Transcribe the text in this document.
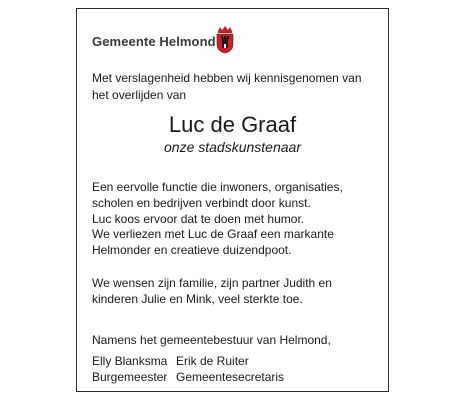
Gemeente Helmond
Met verslagenheid hebben wij kennisgenomen van
het overlijden van
Luc de Graaf
onze stadskunstenaar
Een eervolle functie die inwoners, organisaties,
scholen en bedrijven verbindt door kunst.
Luc koos ervoor dat te doen met humor.
We verliezen met Luc de Graaf een markante
Helmonder en creatieve duizendpoot.
We wensen zijn familie, zijn partner Judith en
kinderen Julie en Mink, veel sterkte toe.
Namens het gemeentebestuur van Helmond,
Elly Blanksma
Burgemeester
Erik de Ruiter
Gemeentesecretaris
